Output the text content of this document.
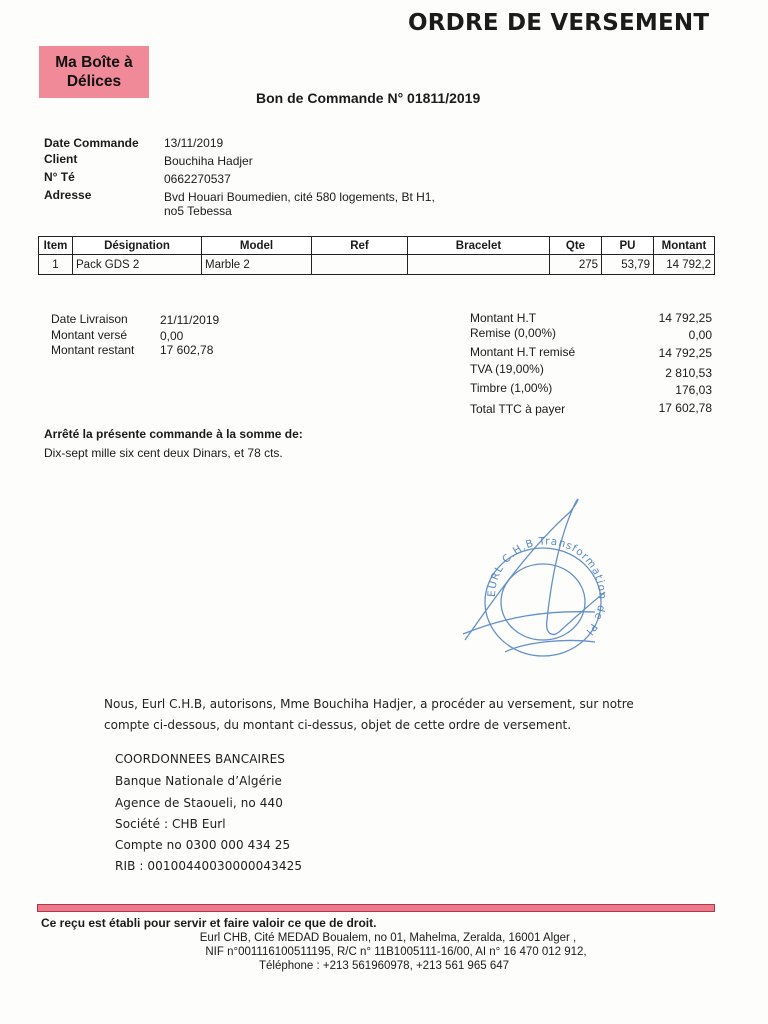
ORDRE DE VERSEMENT
Ma Boîte à Délices
Bon de Commande N° 01811/2019
Date Commande 13/11/2019
Client	Bouchiha Hadjer
N° Té	0662270537
Adresse	Bvd Houari Boumedien, cité 580 logements, Bt H1,
no5 Tebessa
Item	Désignation	Model	Ref	Bracelet	Qte	PU	Montant
1	Pack GDS 2	Marble 2			275	53,79	14 792,2
Date Livraison	21/11/2019
Montant versé	0,00
Montant restant 17 602,78
Montant H.T	14 792,25
Remise (0,00%)	0,00
Montant H.T remisé	14 792,25
TVA (19,00%)	2 810,53
Timbre (1,00%)	176,03
Total TTC à payer	17 602,78
Arrêté la présente commande à la somme de:
Dix-sept mille six cent deux Dinars, et 78 cts.
EURL C.H.B Transformation de Pl
Nous, Eurl C.H.B, autorisons, Mme Bouchiha Hadjer, a procéder au versement, sur notre compte ci-dessous, du montant ci-dessus, objet de cette ordre de versement.
COORDONNEES BANCAIRES
Banque Nationale d’Algérie
Agence de Staoueli, no 440
Société : CHB Eurl
Compte no 0300 000 434 25
RIB : 00100440030000043425
Ce reçu est établi pour servir et faire valoir ce que de droit.
Eurl CHB, Cité MEDAD Boualem, no 01, Mahelma, Zeralda, 16001 Alger ,
NIF n°001116100511195, R/C n° 11B1005111-16/00, AI n° 16 470 012 912,
Téléphone : +213 561960978, +213 561 965 647
